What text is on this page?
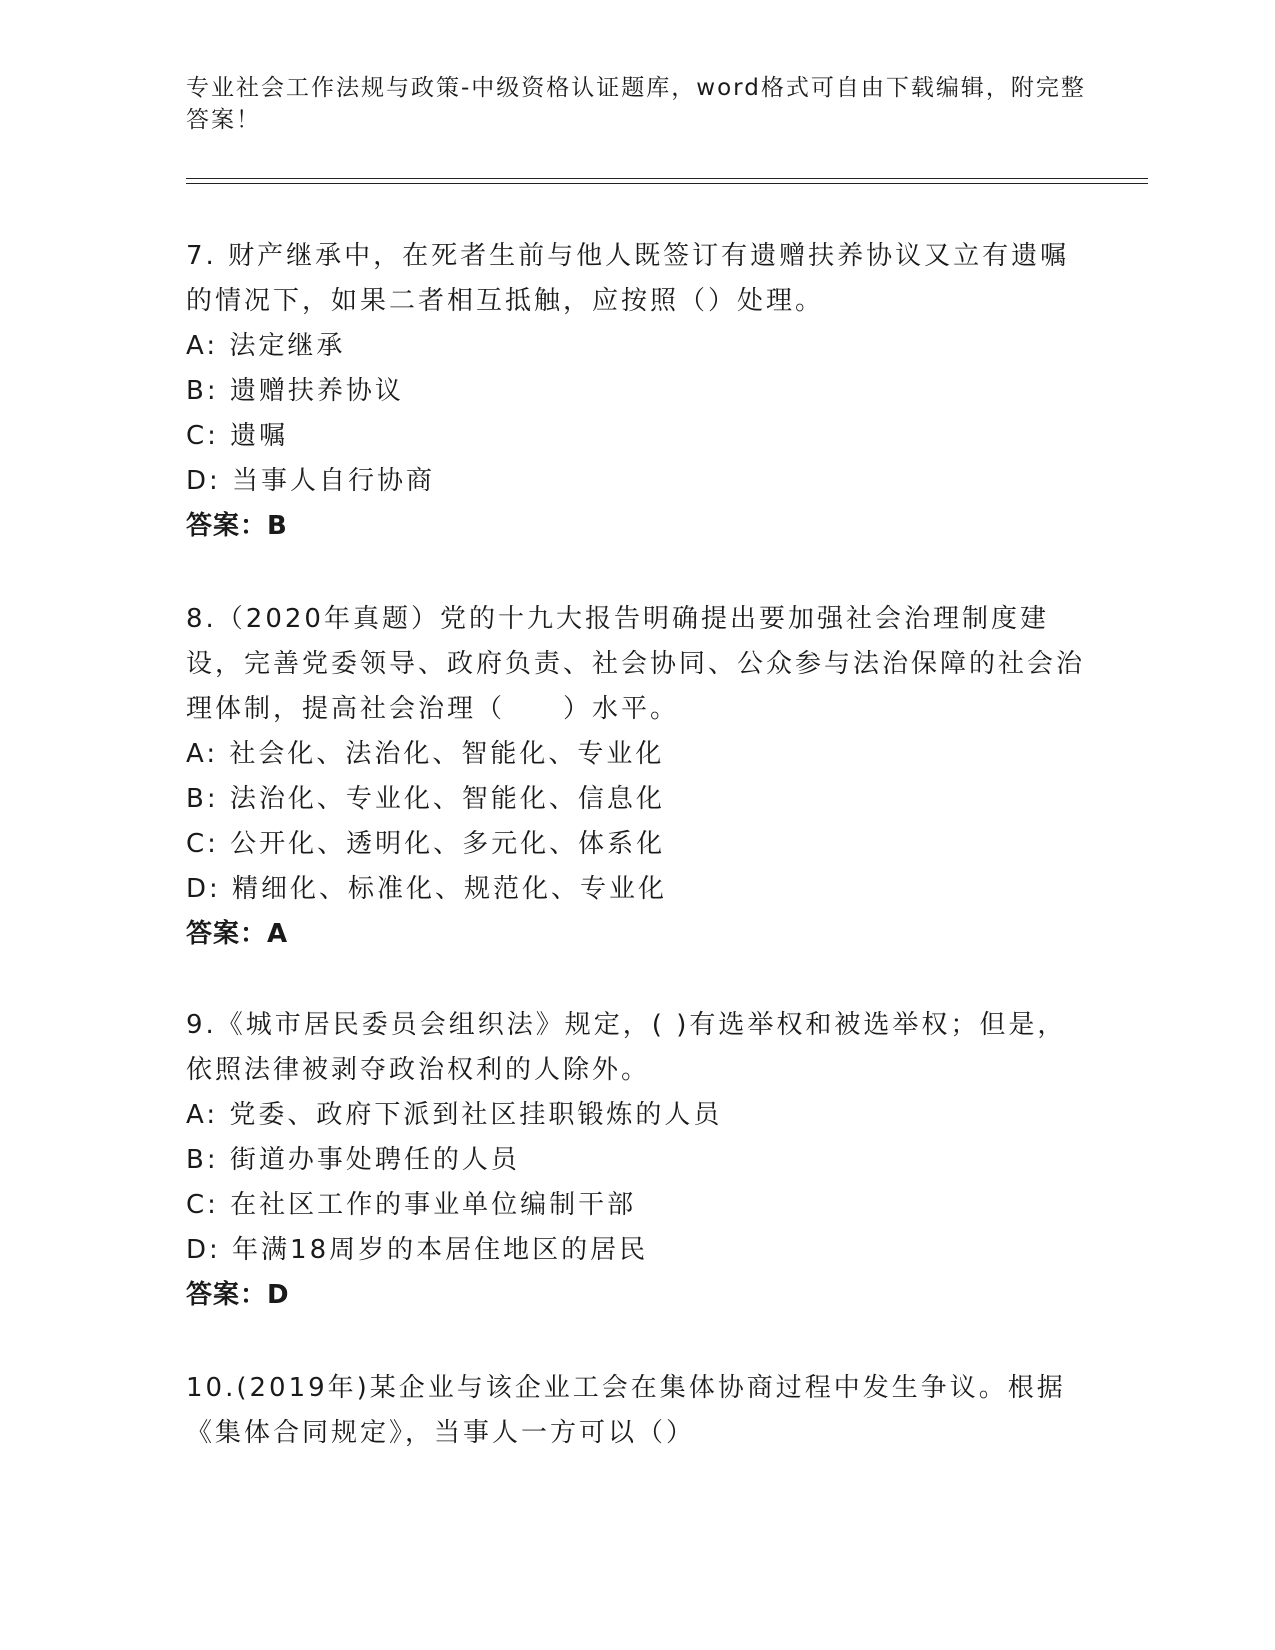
专业社会工作法规与政策-中级资格认证题库，word格式可自由下载编辑，附完整答案！

7. 财产继承中，在死者生前与他人既签订有遗赠扶养协议又立有遗嘱的情况下，如果二者相互抵触，应按照（）处理。

A: 法定继承

B: 遗赠扶养协议

C: 遗嘱

D: 当事人自行协商

答案：B

8.（2020年真题）党的十九大报告明确提出要加强社会治理制度建设，完善党委领导、政府负责、社会协同、公众参与法治保障的社会治理体制，提高社会治理（　　）水平。

A: 社会化、法治化、智能化、专业化

B: 法治化、专业化、智能化、信息化

C: 公开化、透明化、多元化、体系化

D: 精细化、标准化、规范化、专业化

答案：A

9.《城市居民委员会组织法》规定，( )有选举权和被选举权；但是，依照法律被剥夺政治权利的人除外。

A: 党委、政府下派到社区挂职锻炼的人员

B: 街道办事处聘任的人员

C: 在社区工作的事业单位编制干部

D: 年满18周岁的本居住地区的居民

答案：D

10.(2019年)某企业与该企业工会在集体协商过程中发生争议。根据《集体合同规定》，当事人一方可以（）
